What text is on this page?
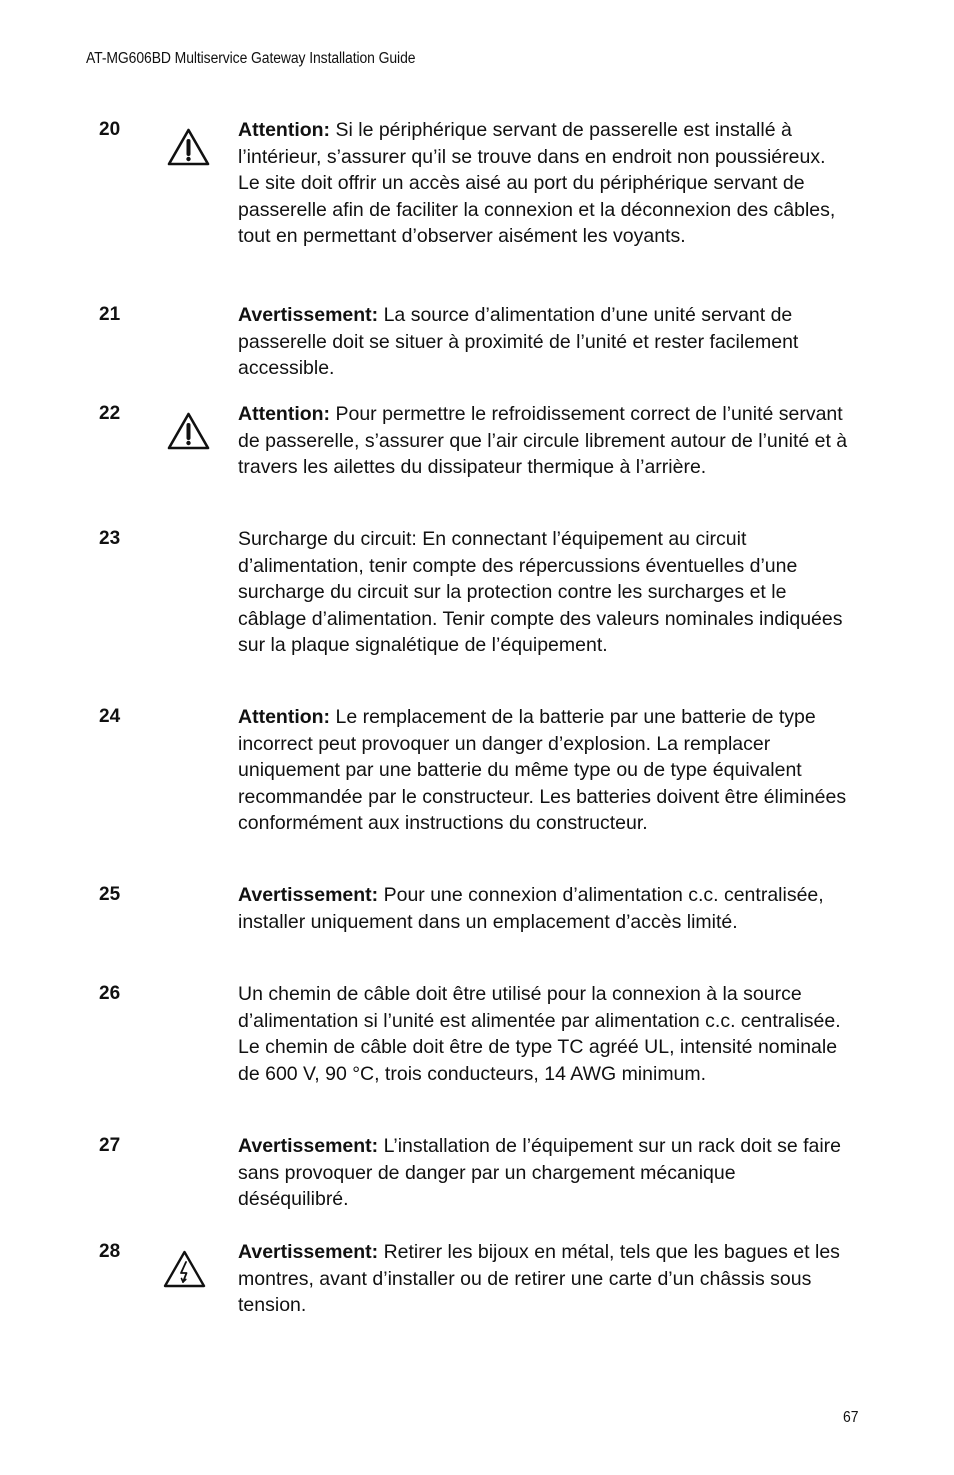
AT-MG606BD Multiservice Gateway Installation Guide
20	Attention: Si le périphérique servant de passerelle est installé à l’intérieur, s’assurer qu’il se trouve dans en endroit non poussiéreux. Le site doit offrir un accès aisé au port du périphérique servant de passerelle afin de faciliter la connexion et la déconnexion des câbles, tout en permettant d’observer aisément les voyants.

21	Avertissement: La source d’alimentation d’une unité servant de passerelle doit se situer à proximité de l’unité et rester facilement accessible.

22	Attention: Pour permettre le refroidissement correct de l’unité servant de passerelle, s’assurer que l’air circule librement autour de l’unité et à travers les ailettes du dissipateur thermique à l’arrière.

23	Surcharge du circuit: En connectant l’équipement au circuit d’alimentation, tenir compte des répercussions éventuelles d’une surcharge du circuit sur la protection contre les surcharges et le câblage d’alimentation. Tenir compte des valeurs nominales indiquées sur la plaque signalétique de l’équipement.

24	Attention: Le remplacement de la batterie par une batterie de type incorrect peut provoquer un danger d’explosion. La remplacer uniquement par une batterie du même type ou de type équivalent recommandée par le constructeur. Les batteries doivent être éliminées conformément aux instructions du constructeur.

25	Avertissement: Pour une connexion d’alimentation c.c. centralisée, installer uniquement dans un emplacement d’accès limité.

26	Un chemin de câble doit être utilisé pour la connexion à la source d’alimentation si l’unité est alimentée par alimentation c.c. centralisée. Le chemin de câble doit être de type TC agréé UL, intensité nominale de 600 V, 90 °C, trois conducteurs, 14 AWG minimum.

27	Avertissement: L’installation de l’équipement sur un rack doit se faire sans provoquer de danger par un chargement mécanique déséquilibré.

28	Avertissement: Retirer les bijoux en métal, tels que les bagues et les montres, avant d’installer ou de retirer une carte d’un châssis sous tension.

67
